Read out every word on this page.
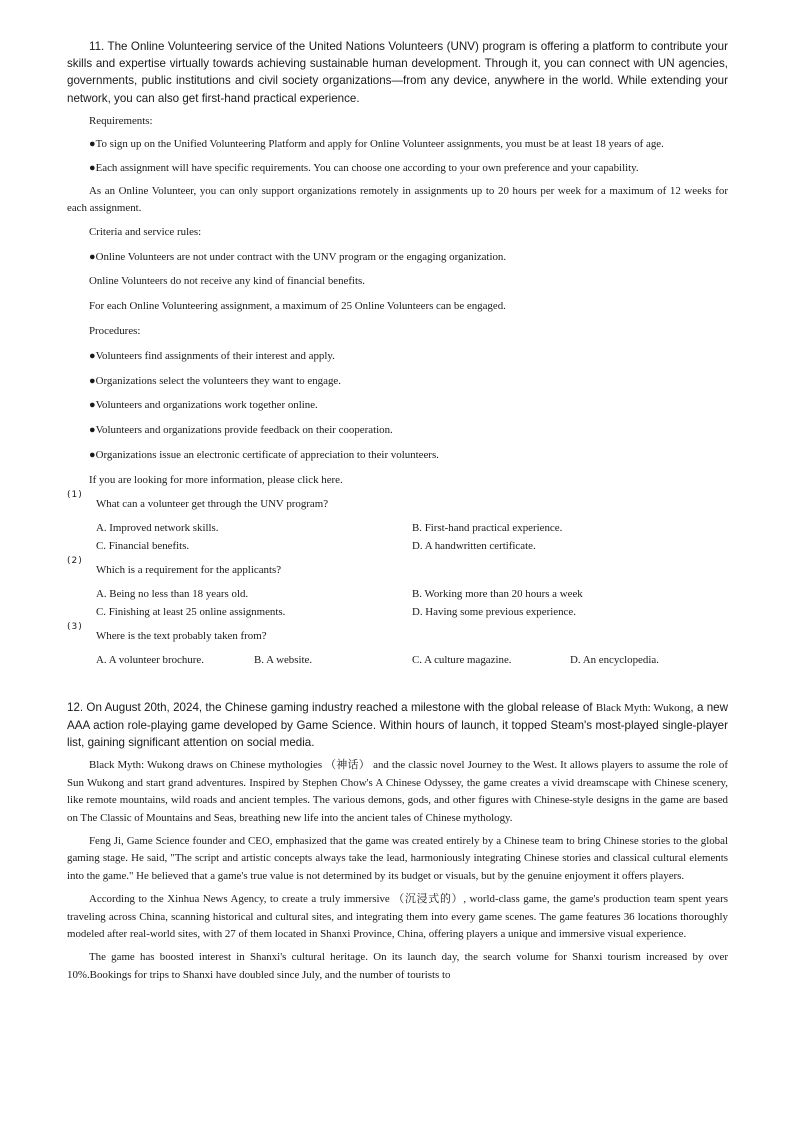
11. The Online Volunteering service of the United Nations Volunteers (UNV) program is offering a platform to contribute your skills and expertise virtually towards achieving sustainable human development. Through it, you can connect with UN agencies, governments, public institutions and civil society organizations—from any device, anywhere in the world. While extending your network, you can also get first-hand practical experience.

Requirements:

●To sign up on the Unified Volunteering Platform and apply for Online Volunteer assignments, you must be at least 18 years of age.

●Each assignment will have specific requirements. You can choose one according to your own preference and your capability.

As an Online Volunteer, you can only support organizations remotely in assignments up to 20 hours per week for a maximum of 12 weeks for each assignment.

Criteria and service rules:

●Online Volunteers are not under contract with the UNV program or the engaging organization.

Online Volunteers do not receive any kind of financial benefits.

For each Online Volunteering assignment, a maximum of 25 Online Volunteers can be engaged.

Procedures:

●Volunteers find assignments of their interest and apply.

●Organizations select the volunteers they want to engage.

●Volunteers and organizations work together online.

●Volunteers and organizations provide feedback on their cooperation.

●Organizations issue an electronic certificate of appreciation to their volunteers.

If you are looking for more information, please click here.

(1)
What can a volunteer get through the UNV program?
A. Improved network skills.	B. First-hand practical experience.
C. Financial benefits.	D. A handwritten certificate.
(2)
Which is a requirement for the applicants?
A. Being no less than 18 years old.	B. Working more than 20 hours a week
C. Finishing at least 25 online assignments.	D. Having some previous experience.
(3)
Where is the text probably taken from?
A. A volunteer brochure.	B. A website.	C. A culture magazine.	D. An encyclopedia.

12. On August 20th, 2024, the Chinese gaming industry reached a milestone with the global release of Black Myth: Wukong, a new AAA action role-playing game developed by Game Science. Within hours of launch, it topped Steam's most-played single-player list, gaining significant attention on social media.

Black Myth: Wukong draws on Chinese mythologies （神话） and the classic novel Journey to the West. It allows players to assume the role of Sun Wukong and start grand adventures. Inspired by Stephen Chow's A Chinese Odyssey, the game creates a vivid dreamscape with Chinese scenery, like remote mountains, wild roads and ancient temples. The various demons, gods, and other figures with Chinese-style designs in the game are based on The Classic of Mountains and Seas, breathing new life into the ancient tales of Chinese mythology.

Feng Ji, Game Science founder and CEO, emphasized that the game was created entirely by a Chinese team to bring Chinese stories to the global gaming stage. He said, "The script and artistic concepts always take the lead, harmoniously integrating Chinese stories and classical cultural elements into the game." He believed that a game's true value is not determined by its budget or visuals, but by the genuine enjoyment it offers players.

According to the Xinhua News Agency, to create a truly immersive （沉浸式的）, world-class game, the game's production team spent years traveling across China, scanning historical and cultural sites, and integrating them into every game scenes. The game features 36 locations thoroughly modeled after real-world sites, with 27 of them located in Shanxi Province, China, offering players a unique and immersive visual experience.

The game has boosted interest in Shanxi's cultural heritage. On its launch day, the search volume for Shanxi tourism increased by over 10%.Bookings for trips to Shanxi have doubled since July, and the number of tourists to
